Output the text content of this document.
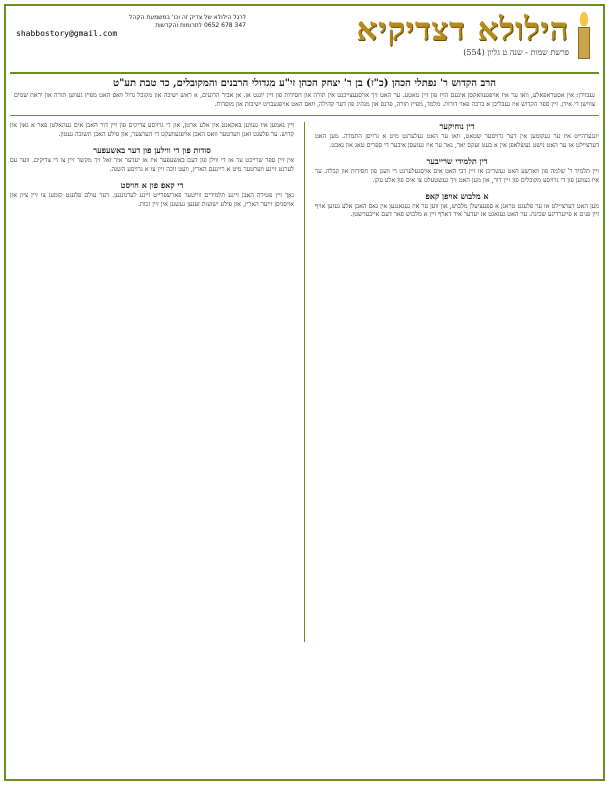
הילולא דצדיקיא
פרשת שמות - שנה ט גליון (554)
לרגל הילולא של צדיק זה וכו' במשמעת הקהל
347 678 0652 לתרומות והקדשות
shabbostory@gmail.com
הרב הקדוש ר' נפתלי הכהן (כ"ז) בן ר' יצחק הכהן זי"ע מגדולי הרבנים והמקובלים, כד טבת תע"ט

געבוירן: אין אסטראפאלע, וואו ער איז אויפגעוואקסן אינעם הויז פון זיין טאטע. ער האט זיך אויסגעצייכנט אין תורה און חסידות פון זיין יוגנט אן. אן אביר הרועים, א ראש ישיבה און מקובל גדול וואס האט מפיץ געווען תורה און יראת שמים צווישן די אידן. זיין ספר הקדוש איז געבליבן א ברכה פאר דורות. מלמד, מפיץ תורה, פרנס און מנהיג פון דער קהילה, וואס האט אויפגעבויט ישיבות און מוסדות.

דין נוחיקער

יונגערהייט איז ער געקומען אין דער גרויסער שטאט, וואו ער האט געלערנט מיט א גרויסן התמדה. מען האט דערציילט אז ער האט נישט געשלאפן אין א בעט זעקס יאר, נאר ער איז געזעסן איבער די ספרים טאג און נאכט.

דין תלמידי שרייבער

זיין תלמיד ר' שלמה פון ווארשע האט געשריבן אז זיין רבי האט אים אויסגעלערנט די וועגן פון חסידות און קבלה. ער איז געווען פון די גרויסע מקובלים פון זיין דור, און מען האט זיך געשטעלט צו אים פון אלע עקן.

א מלבוש אויפן קאפ

מען האט דערציילט אז ער פלעגט טראגן א ספעציעלן מלבוש, און ווען ער איז געגאנגען אין גאס האבן אלע געזען אויף זיין פנים א פייערדיגע שכינה. ער האט געזאגט אז יעדער איד דארף זיין א מלבוש פאר דעם אייבערשטן.

זיין נאמען איז געווען באקאנט אין אלע ארטן, און די גרויסע צדיקים פון זיין דור האבן אים געהאלטן פאר א גאון און קדוש. ער פלעגט זאגן ווערטער וואס האבן אויפגעוועקט די הערצער, און פילע האבן תשובה געטון.

סודות פון די ווילען פון דער באשעפער

אין זיין ספר שרייבט ער אז די ווילן פון דעם באשעפער איז אז יעדער איד זאל זיך מקשר זיין צו די צדיקים. ווער עס לערנט זיינע ווערטער מיט א ריינעם הארץ, וועט זוכה זיין צו א גרויסע השגה.

די קאפ פון א חויסט

נאך זיין פטירה האבן זיינע תלמידים ווייטער פארשפרייט זיינע לערנונגען. דער עולם פלעגט קומען צו זיין ציון און אויסגיסן זייער הארץ, און פילע ישועות זענען געשען אין זיין זכות.
